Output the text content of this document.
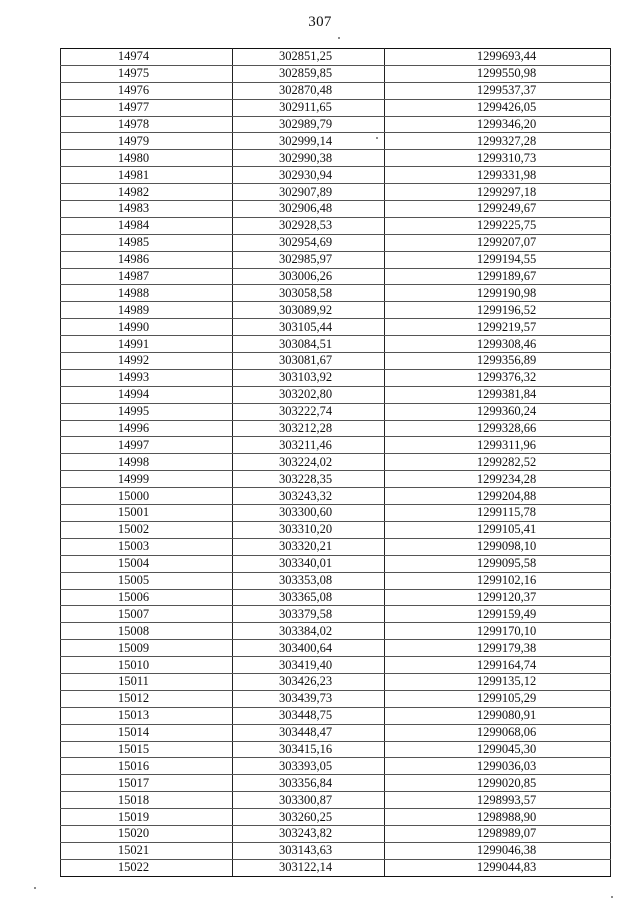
307
14974	302851,25	1299693,44
14975	302859,85	1299550,98
14976	302870,48	1299537,37
14977	302911,65	1299426,05
14978	302989,79	1299346,20
14979	302999,14	1299327,28
14980	302990,38	1299310,73
14981	302930,94	1299331,98
14982	302907,89	1299297,18
14983	302906,48	1299249,67
14984	302928,53	1299225,75
14985	302954,69	1299207,07
14986	302985,97	1299194,55
14987	303006,26	1299189,67
14988	303058,58	1299190,98
14989	303089,92	1299196,52
14990	303105,44	1299219,57
14991	303084,51	1299308,46
14992	303081,67	1299356,89
14993	303103,92	1299376,32
14994	303202,80	1299381,84
14995	303222,74	1299360,24
14996	303212,28	1299328,66
14997	303211,46	1299311,96
14998	303224,02	1299282,52
14999	303228,35	1299234,28
15000	303243,32	1299204,88
15001	303300,60	1299115,78
15002	303310,20	1299105,41
15003	303320,21	1299098,10
15004	303340,01	1299095,58
15005	303353,08	1299102,16
15006	303365,08	1299120,37
15007	303379,58	1299159,49
15008	303384,02	1299170,10
15009	303400,64	1299179,38
15010	303419,40	1299164,74
15011	303426,23	1299135,12
15012	303439,73	1299105,29
15013	303448,75	1299080,91
15014	303448,47	1299068,06
15015	303415,16	1299045,30
15016	303393,05	1299036,03
15017	303356,84	1299020,85
15018	303300,87	1298993,57
15019	303260,25	1298988,90
15020	303243,82	1298989,07
15021	303143,63	1299046,38
15022	303122,14	1299044,83
